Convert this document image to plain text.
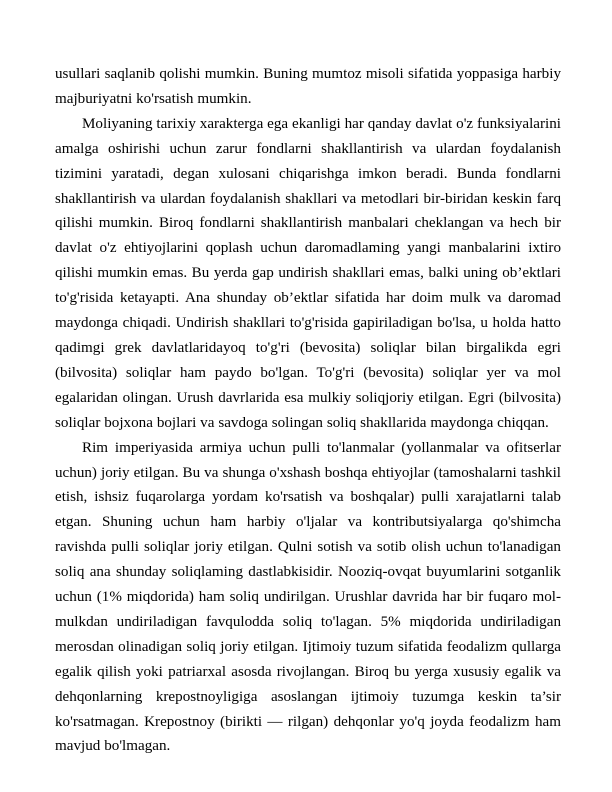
usullari saqlanib qolishi mumkin. Buning mumtoz misoli sifatida yoppasiga harbiy majburiyatni ko'rsatish mumkin.

Moliyaning tarixiy xarakterga ega ekanligi har qanday davlat o'z funksiyalarini amalga oshirishi uchun zarur fondlarni shakllantirish va ulardan foydalanish tizimini yaratadi, degan xulosani chiqarishga imkon beradi. Bunda fondlarni shakllantirish va ulardan foydalanish shakllari va metodlari bir-biridan keskin farq qilishi mumkin. Biroq fondlarni shakllantirish manbalari cheklangan va hech bir davlat o'z ehtiyojlarini qoplash uchun daromadlaming yangi manbalarini ixtiro qilishi mumkin emas. Bu yerda gap undirish shakllari emas, balki uning ob’ektlari to'g'risida ketayapti. Ana shunday ob’ektlar sifatida har doim mulk va daromad maydonga chiqadi. Undirish shakllari to'g'risida gapiriladigan bo'lsa, u holda hatto qadimgi grek davlatlaridayoq to'g'ri (bevosita) soliqlar bilan birgalikda egri (bilvosita) soliqlar ham paydo bo'lgan. To'g'ri (bevosita) soliqlar yer va mol egalaridan olingan. Urush davrlarida esa mulkiy soliqjoriy etilgan. Egri (bilvosita) soliqlar bojxona bojlari va savdoga solingan soliq shakllarida maydonga chiqqan.

Rim imperiyasida armiya uchun pulli to'lanmalar (yollanmalar va ofitserlar uchun) joriy etilgan. Bu va shunga o'xshash boshqa ehtiyojlar (tamoshalarni tashkil etish, ishsiz fuqarolarga yordam ko'rsatish va boshqalar) pulli xarajatlarni talab etgan. Shuning uchun ham harbiy o'ljalar va kontributsiyalarga qo'shimcha ravishda pulli soliqlar joriy etilgan. Qulni sotish va sotib olish uchun to'lanadigan soliq ana shunday soliqlaming dastlabkisidir. Nooziq-ovqat buyumlarini sotganlik uchun (1% miqdorida) ham soliq undirilgan. Urushlar davrida har bir fuqaro mol-mulkdan undiriladigan favqulodda soliq to'lagan. 5% miqdorida undiriladigan merosdan olinadigan soliq joriy etilgan. Ijtimoiy tuzum sifatida feodalizm qullarga egalik qilish yoki patriarxal asosda rivojlangan. Biroq bu yerga xususiy egalik va dehqonlarning krepostnoyligiga asoslangan ijtimoiy tuzumga keskin ta’sir ko'rsatmagan. Krepostnoy (birikti — rilgan) dehqonlar yo'q joyda feodalizm ham mavjud bo'lmagan.
